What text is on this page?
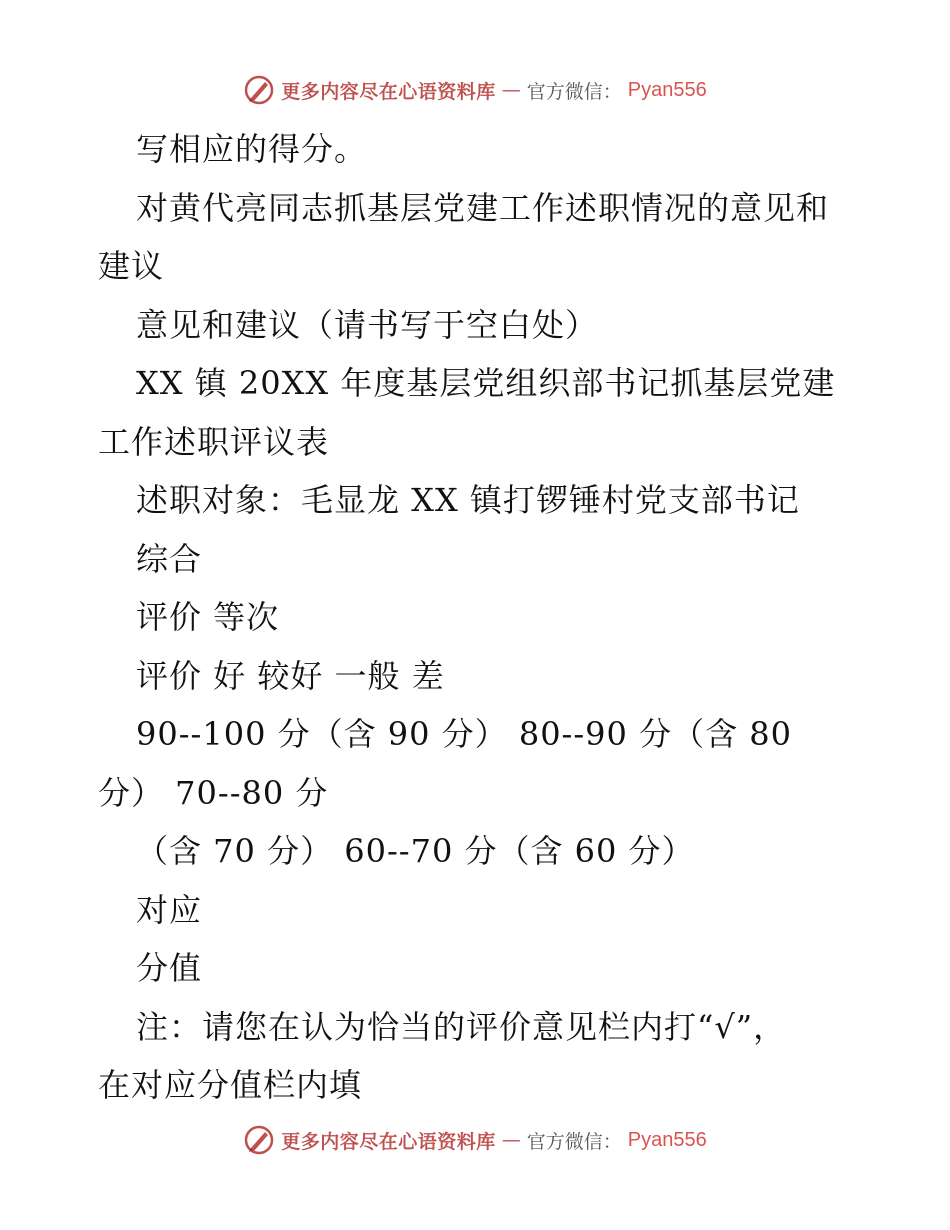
更多内容尽在心语资料库 — 官方微信： Pyan556
写相应的得分。
对黄代亮同志抓基层党建工作述职情况的意见和
建议
意见和建议（请书写于空白处）
XX 镇 20XX 年度基层党组织部书记抓基层党建
工作述职评议表
述职对象：毛显龙 XX 镇打锣锤村党支部书记
综合
评价 等次
评价 好 较好 一般 差
90--100 分（含 90 分） 80--90 分（含 80
分） 70--80 分
（含 70 分） 60--70 分（含 60 分）
对应
分值
注：请您在认为恰当的评价意见栏内打“√”，
在对应分值栏内填
更多内容尽在心语资料库 — 官方微信： Pyan556
